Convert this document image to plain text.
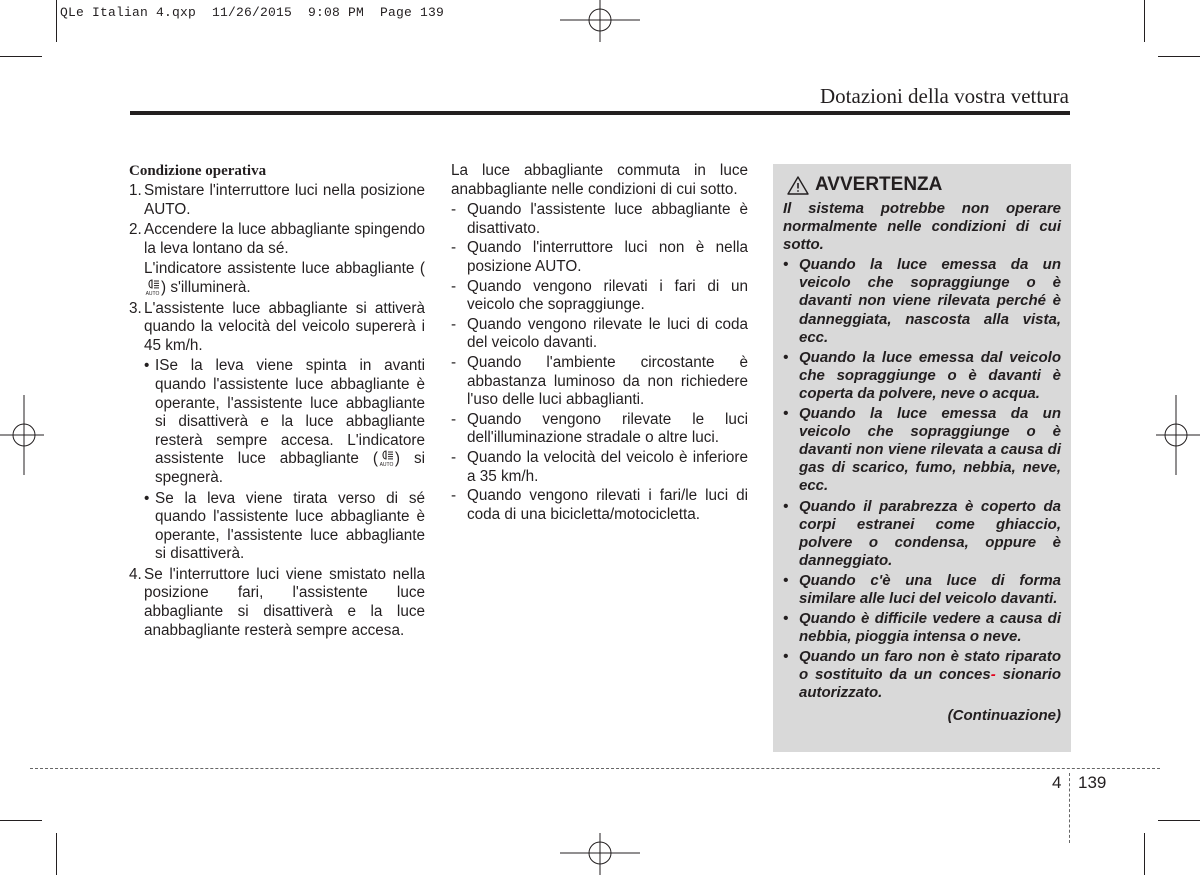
QLe Italian 4.qxp  11/26/2015  9:08 PM  Page 139
Dotazioni della vostra vettura

Condizione operativa

1. Smistare l'interruttore luci nella posizione AUTO.
2. Accendere la luce abbagliante spingendo la leva lontano da sé.

L'indicatore assistente luce abbagliante (
AUTO ) s'illuminerà.

3. L'assistente luce abbagliante si attiverà quando la velocità del veicolo supererà i 45 km/h.
• ISe la leva viene spinta in avanti quando l'assistente luce abbagliante è operante, l'assistente luce abbagliante si disattiverà e la luce abbagliante resterà sempre accesa. L'indicatore assistente luce abbagliante ( AUTO ) si spegnerà.
• Se la leva viene tirata verso di sé quando l'assistente luce abbagliante è operante, l'assistente luce abbagliante si disattiverà.
4. Se l'interruttore luci viene smistato nella posizione fari, l'assistente luce abbagliante si disattiverà e la luce anabbagliante resterà sempre accesa.

La luce abbagliante commuta in luce anabbagliante nelle condizioni di cui sotto.

- Quando l'assistente luce abbagliante è disattivato.
- Quando l'interruttore luci non è nella posizione AUTO.
- Quando vengono rilevati i fari di un veicolo che sopraggiunge.
- Quando vengono rilevate le luci di coda del veicolo davanti.
- Quando l'ambiente circostante è abbastanza luminoso da non richiedere l'uso delle luci abbaglianti.
- Quando vengono rilevate le luci dell'illuminazione stradale o altre luci.
- Quando la velocità del veicolo è inferiore a 35 km/h.
- Quando vengono rilevati i fari/le luci di coda di una bicicletta/motocicletta.
AVVERTENZA

Il sistema potrebbe non operare normalmente nelle condizioni di cui sotto.

• Quando la luce emessa da un veicolo che sopraggiunge o è davanti non viene rilevata perché è danneggiata, nascosta alla vista, ecc.
• Quando la luce emessa dal veicolo che sopraggiunge o è davanti è coperta da polvere, neve o acqua.
• Quando la luce emessa da un veicolo che sopraggiunge o è davanti non viene rilevata a causa di gas di scarico, fumo, nebbia, neve, ecc.
• Quando il parabrezza è coperto da corpi estranei come ghiaccio, polvere o condensa, oppure è danneggiato.
• Quando c'è una luce di forma similare alle luci del veicolo davanti.
• Quando è difficile vedere a causa di nebbia, pioggia intensa o neve.
• Quando un faro non è stato riparato o sostituito da un conces- sionario autorizzato.
(Continuazione)
4 139
